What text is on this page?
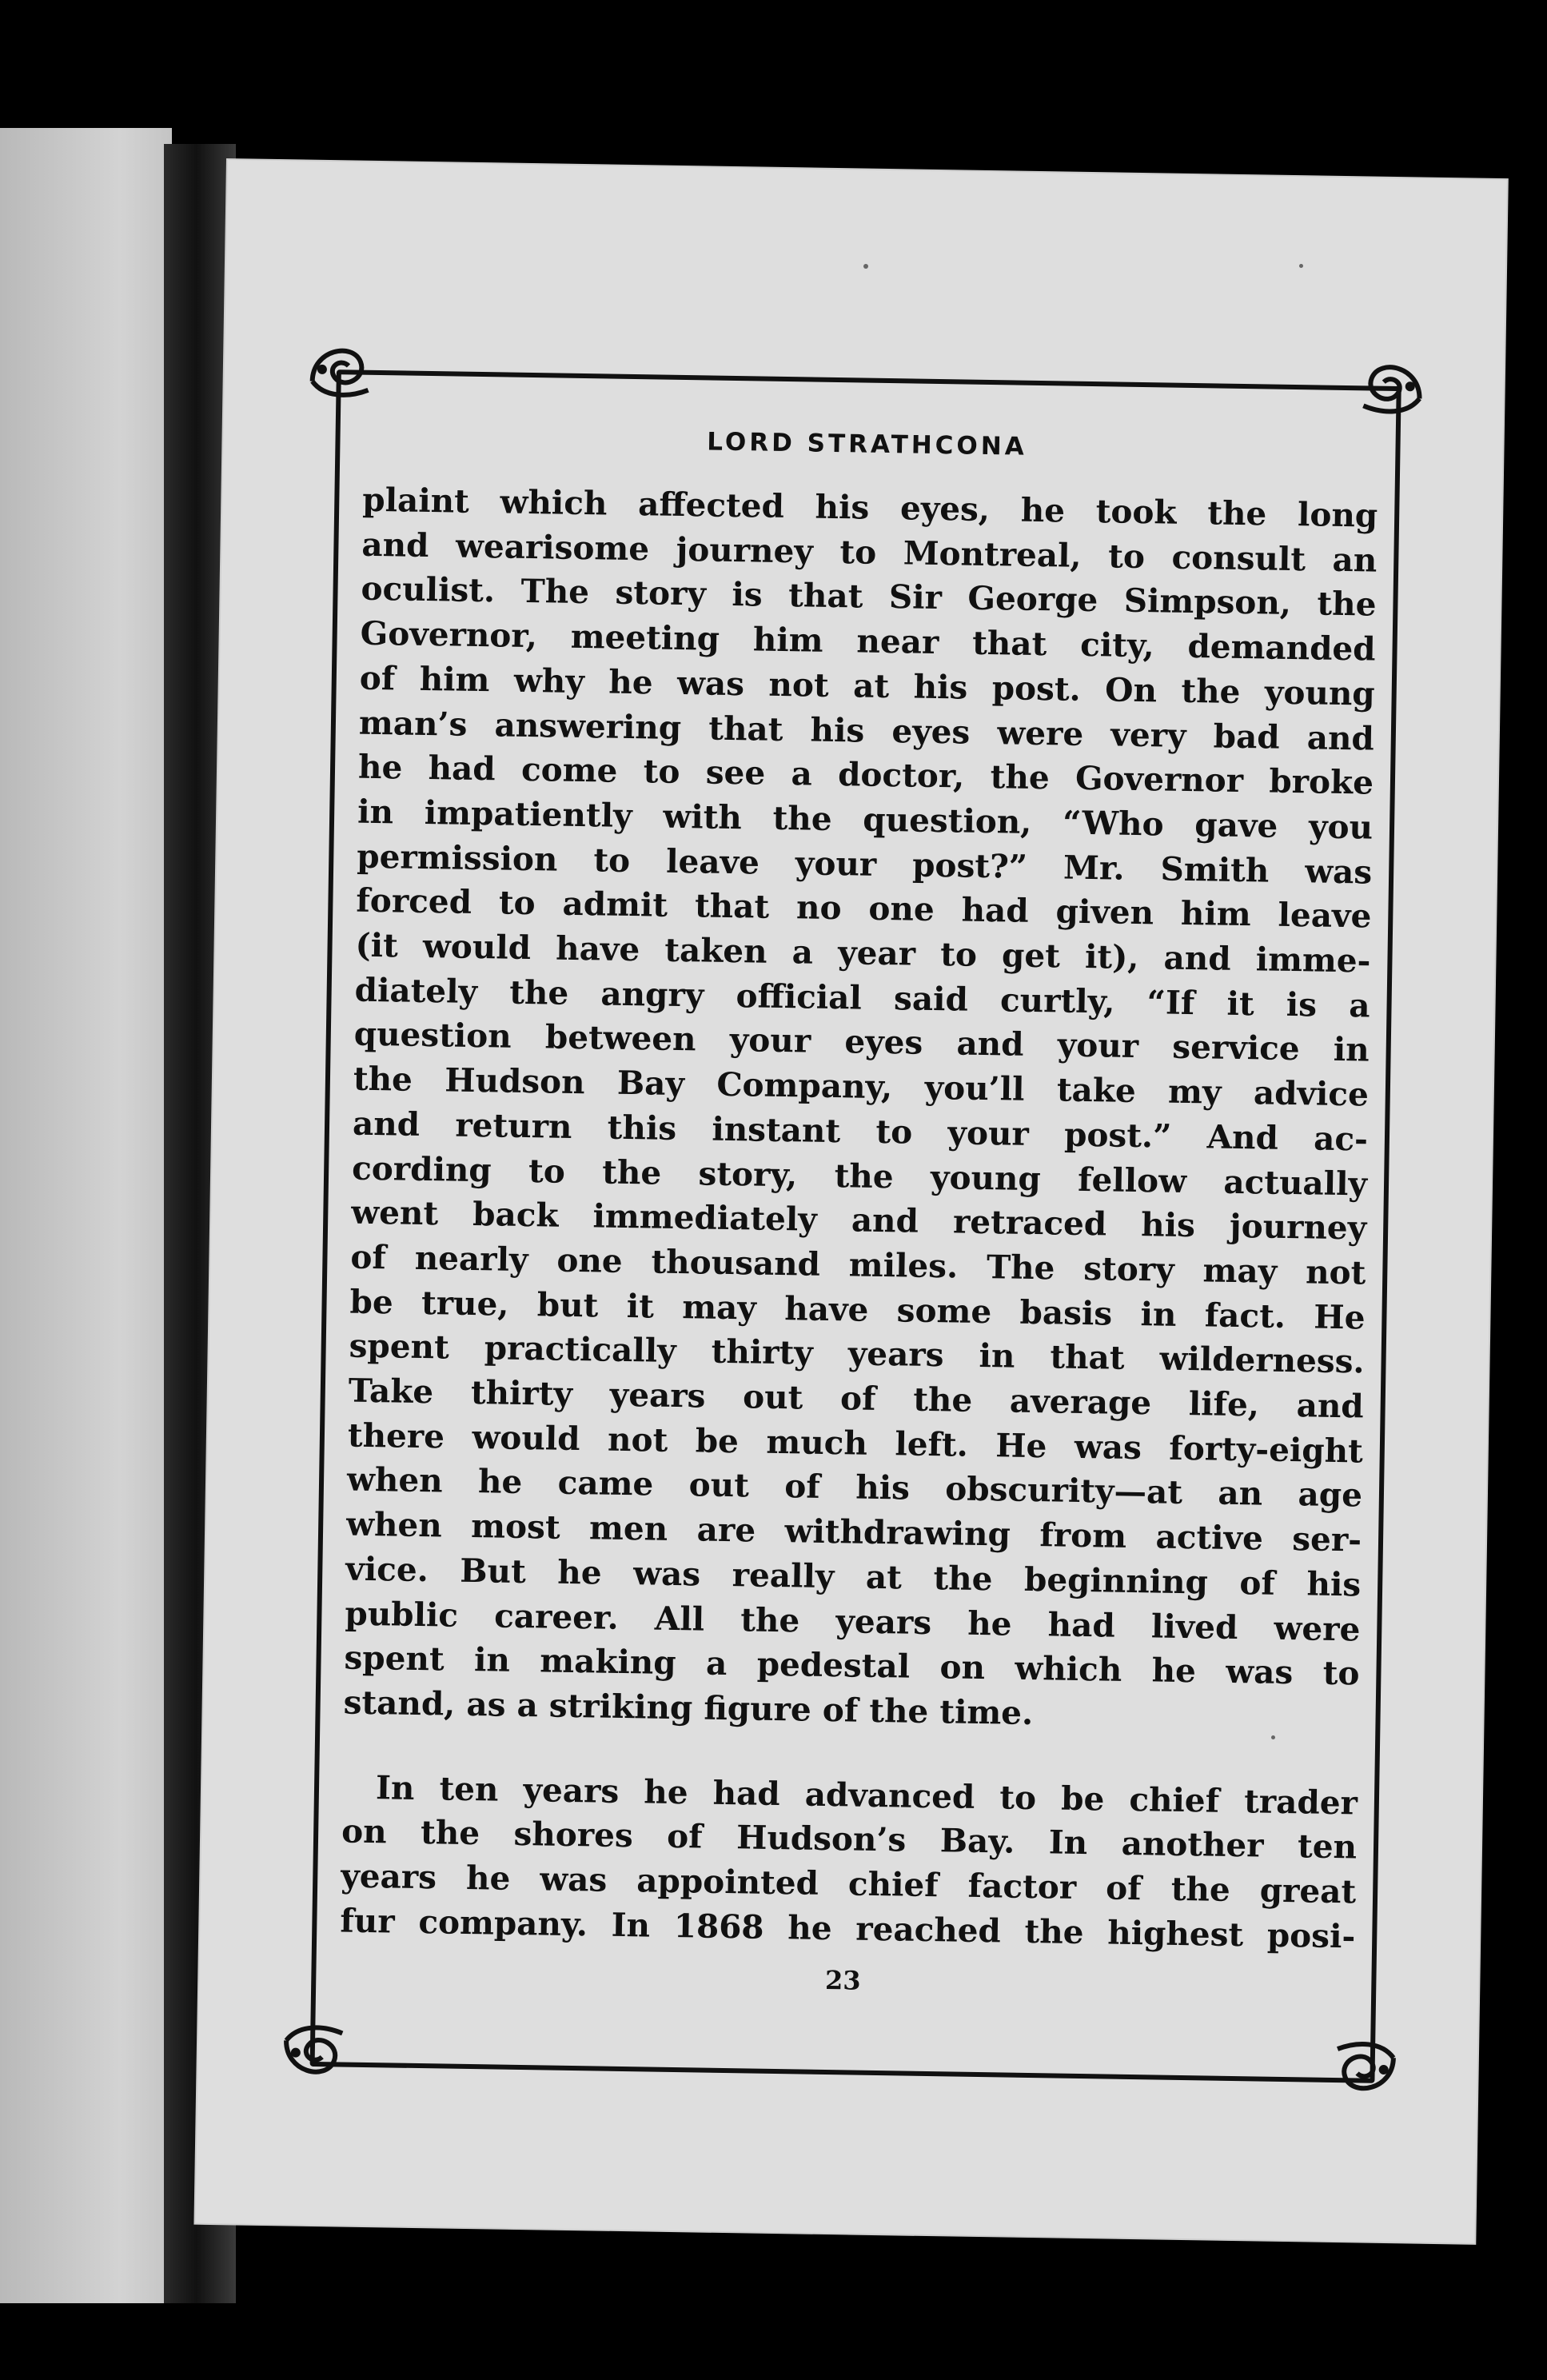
LORD STRATHCONA
plaint which affected his eyes, he took the long
and wearisome journey to Montreal, to consult an
oculist. The story is that Sir George Simpson, the
Governor, meeting him near that city, demanded
of him why he was not at his post. On the young
man’s answering that his eyes were very bad and
he had come to see a doctor, the Governor broke
in impatiently with the question, “Who gave you
permission to leave your post?” Mr. Smith was
forced to admit that no one had given him leave
(it would have taken a year to get it), and imme-
diately the angry official said curtly, “If it is a
question between your eyes and your service in
the Hudson Bay Company, you’ll take my advice
and return this instant to your post.” And ac-
cording to the story, the young fellow actually
went back immediately and retraced his journey
of nearly one thousand miles. The story may not
be true, but it may have some basis in fact. He
spent practically thirty years in that wilderness.
Take thirty years out of the average life, and
there would not be much left. He was forty-eight
when he came out of his obscurity—at an age
when most men are withdrawing from active ser-
vice. But he was really at the beginning of his
public career. All the years he had lived were
spent in making a pedestal on which he was to
stand, as a striking figure of the time.
In ten years he had advanced to be chief trader
on the shores of Hudson’s Bay. In another ten
years he was appointed chief factor of the great
fur company. In 1868 he reached the highest posi-
23
